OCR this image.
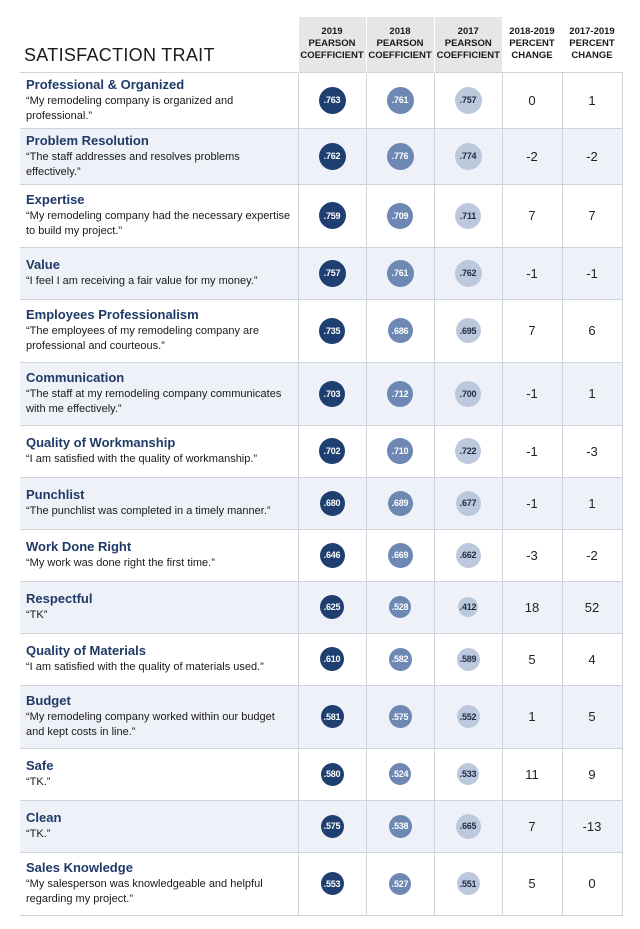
SATISFACTION TRAIT	2019
PEARSON
COEFFICIENT	2018
PEARSON
COEFFICIENT	2017
PEARSON
COEFFICIENT	2018-2019
PERCENT
CHANGE	2017-2019
PERCENT
CHANGE

Professional & Organized
“My remodeling company is organized and professional.”	.763	.761	.757	0	1

Problem Resolution
“The staff addresses and resolves problems effectively.”	.762	.776	.774	-2	-2

Expertise
“My remodeling company had the necessary expertise to build my project.”	.759	.709	.711	7	7

Value
“I feel I am receiving a fair value for my money.”	.757	.761	.762	-1	-1

Employees Professionalism
“The employees of my remodeling company are professional and courteous.”	.735	.686	.695	7	6

Communication
“The staff at my remodeling company communicates with me effectively.”	.703	.712	.700	-1	1

Quality of Workmanship
“I am satisfied with the quality of workmanship.”	.702	.710	.722	-1	-3

Punchlist
“The punchlist was completed in a timely manner.”	.680	.689	.677	-1	1

Work Done Right
“My work was done right the first time.”	.646	.669	.662	-3	-2

Respectful
“TK”	.625	.528	.412	18	52

Quality of Materials
“I am satisfied with the quality of materials used.”	.610	.582	.589	5	4

Budget
“My remodeling company worked within our budget and kept costs in line.”	.581	.575	.552	1	5

Safe
“TK.”	.580	.524	.533	11	9

Clean
“TK.”	.575	.538	.665	7	-13

Sales Knowledge
“My salesperson was knowledgeable and helpful regarding my project.”	.553	.527	.551	5	0
